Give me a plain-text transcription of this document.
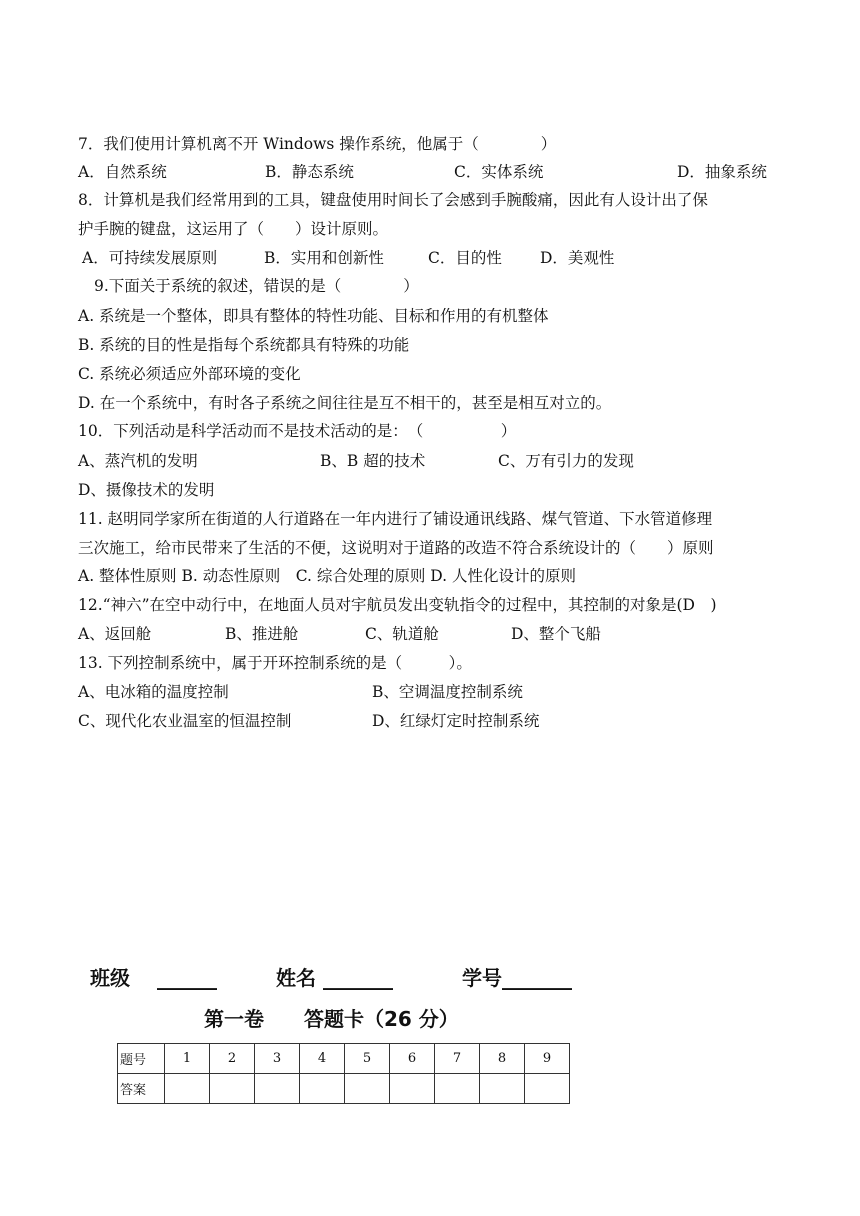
7．我们使用计算机离不开 Windows 操作系统，他属于（　　　　）
A．自然系统	B．静态系统	C．实体系统	D．抽象系统
8．计算机是我们经常用到的工具，键盘使用时间长了会感到手腕酸痛，因此有人设计出了保
护手腕的键盘，这运用了（　　）设计原则。
A．可持续发展原则	B．实用和创新性	C．目的性 D．美观性
9.下面关于系统的叙述，错误的是（　　　　）
A. 系统是一个整体，即具有整体的特性功能、目标和作用的有机整体
B. 系统的目的性是指每个系统都具有特殊的功能
C. 系统必须适应外部环境的变化
D. 在一个系统中，有时各子系统之间往往是互不相干的，甚至是相互对立的。
10．下列活动是科学活动而不是技术活动的是：　（　　　　　）
A、蒸汽机的发明	B、B 超的技术	C、万有引力的发现
D、摄像技术的发明
11. 赵明同学家所在街道的人行道路在一年内进行了铺设通讯线路、煤气管道、下水管道修理
三次施工，给市民带来了生活的不便，这说明对于道路的改造不符合系统设计的（　　）原则
A. 整体性原则 B. 动态性原则　C. 综合处理的原则 D. 人性化设计的原则
12.“神六”在空中动行中，在地面人员对宇航员发出变轨指令的过程中，其控制的对象是(D　)
A、返回舱	B、推进舱	C、轨道舱	D、整个飞船
13. 下列控制系统中，属于开环控制系统的是（　　　）。
A、电冰箱的温度控制	B、空调温度控制系统
C、现代化农业温室的恒温控制	D、红绿灯定时控制系统
班级　 ______	姓名 _______	学号_______
第一卷　　答题卡（26 分）
题号	1	2	3	4	5	6	7	8	9
答案									
